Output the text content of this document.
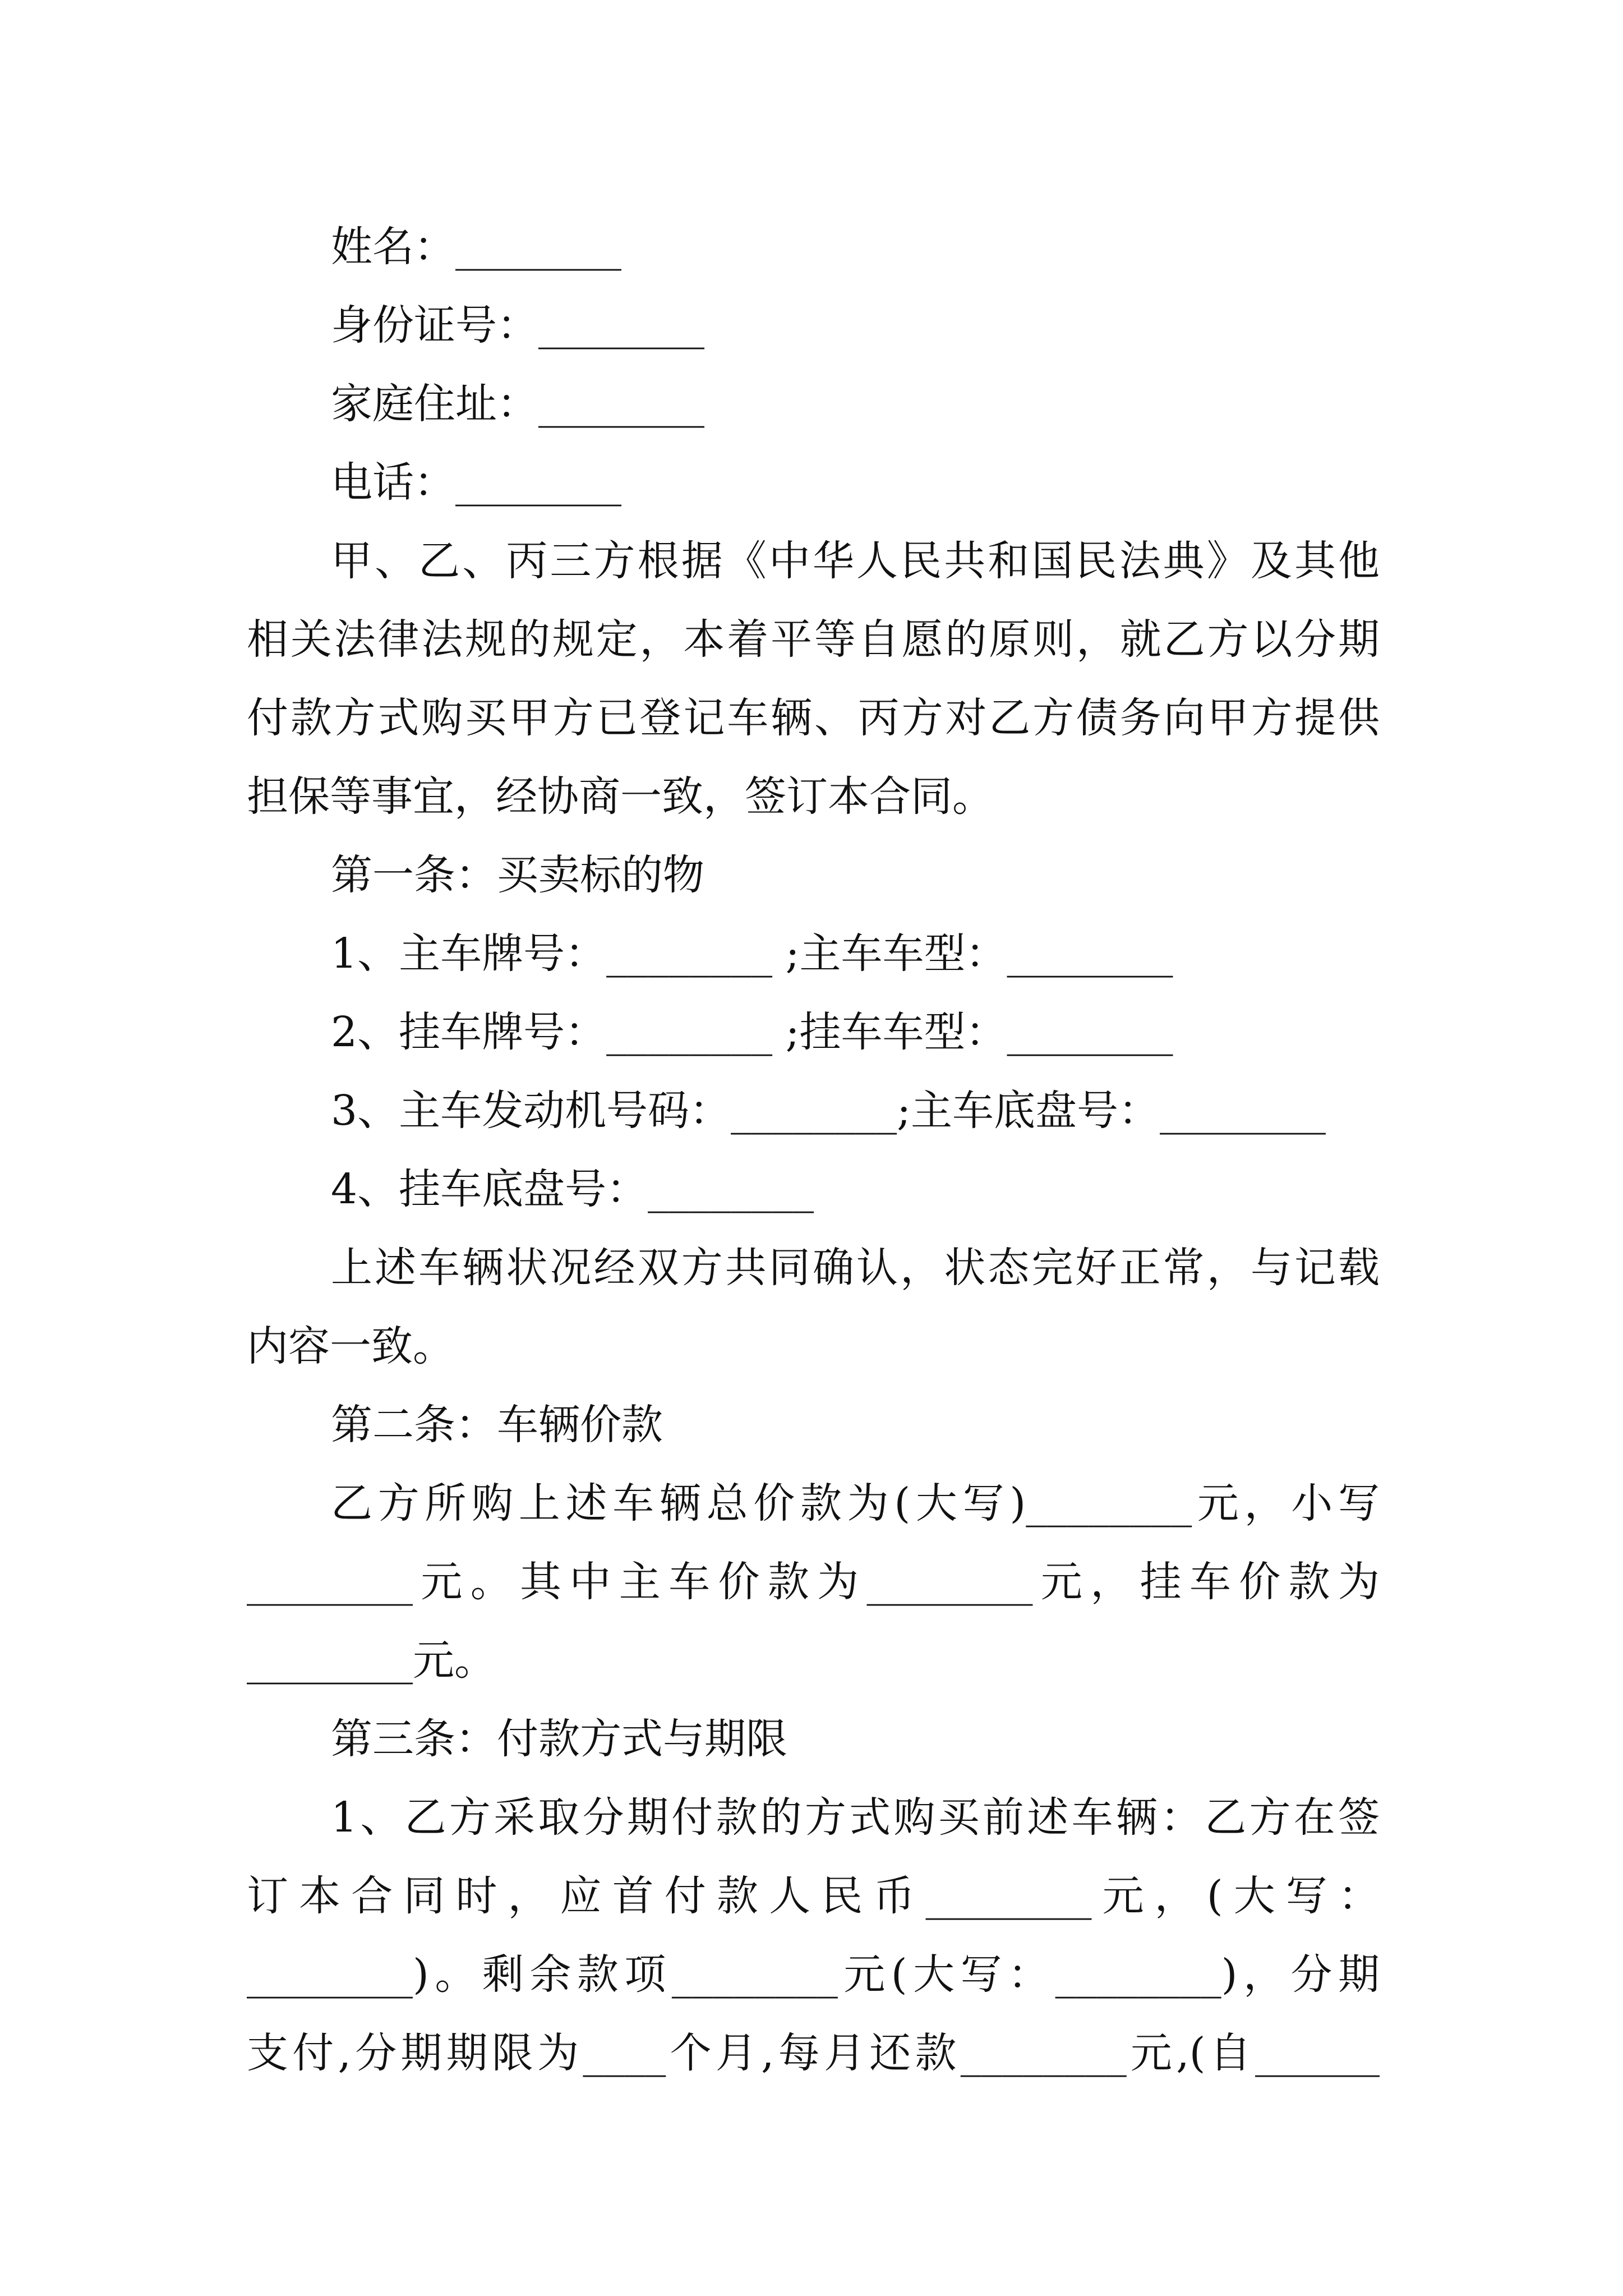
姓名：________
身份证号：________
家庭住址：________
电话：________
甲、乙、丙三方根据《中华人民共和国民法典》及其他
相关法律法规的规定，本着平等自愿的原则，就乙方以分期
付款方式购买甲方已登记车辆、丙方对乙方债务向甲方提供
担保等事宜，经协商一致，签订本合同。
第一条：买卖标的物
1、主车牌号：________ ;主车车型：________
2、挂车牌号：________ ;挂车车型：________
3、主车发动机号码：________;主车底盘号：________
4、挂车底盘号：________
上述车辆状况经双方共同确认，状态完好正常，与记载
内容一致。
第二条：车辆价款
乙方所购上述车辆总价款为(大写)________元，小写
________元。其中主车价款为________元，挂车价款为
________元。
第三条：付款方式与期限
1、乙方采取分期付款的方式购买前述车辆：乙方在签
订本合同时，应首付款人民币________元，(大写：
________)。剩余款项________元(大写：________)，分期
支付,分期期限为____个月,每月还款________元,(自______
